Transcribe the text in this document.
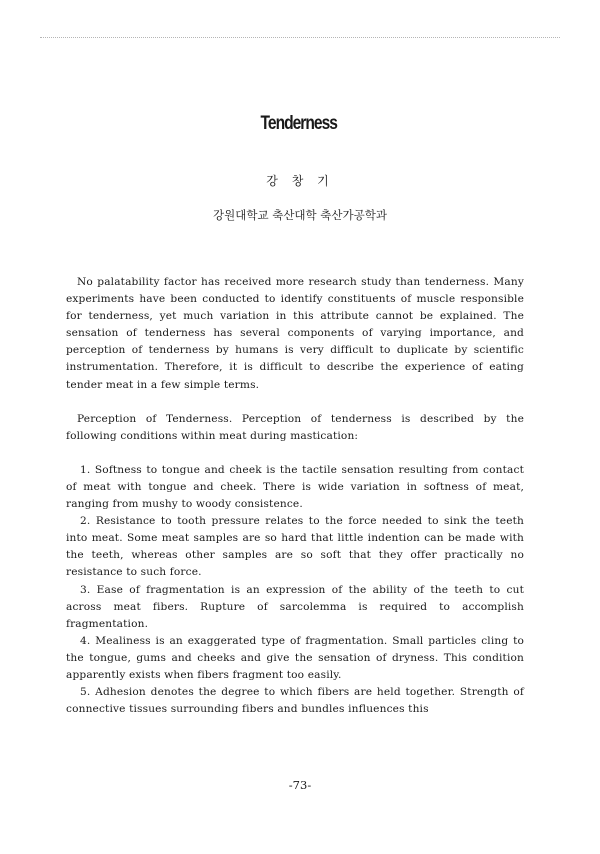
Tenderness
강 창 기
강원대학교 축산대학 축산가공학과

No palatability factor has received more research study than tenderness. Many experiments have been conducted to identify constituents of muscle responsible for tenderness, yet much variation in this attribute cannot be explained. The sensation of tenderness has several components of varying importance, and perception of tenderness by humans is very difficult to duplicate by scientific instrumentation. Therefore, it is difficult to describe the experience of eating tender meat in a few simple terms.

Perception of Tenderness. Perception of tenderness is described by the following conditions within meat during mastication:

1. Softness to tongue and cheek is the tactile sensation resulting from contact of meat with tongue and cheek. There is wide variation in softness of meat, ranging from mushy to woody consistence.

2. Resistance to tooth pressure relates to the force needed to sink the teeth into meat. Some meat samples are so hard that little indention can be made with the teeth, whereas other samples are so soft that they offer practically no resistance to such force.

3. Ease of fragmentation is an expression of the ability of the teeth to cut across meat fibers. Rupture of sarcolemma is required to accomplish fragmentation.

4. Mealiness is an exaggerated type of fragmentation. Small particles cling to the tongue, gums and cheeks and give the sensation of dryness. This condition apparently exists when fibers fragment too easily.

5. Adhesion denotes the degree to which fibers are held together. Strength of connective tissues surrounding fibers and bundles influences this

-73-
